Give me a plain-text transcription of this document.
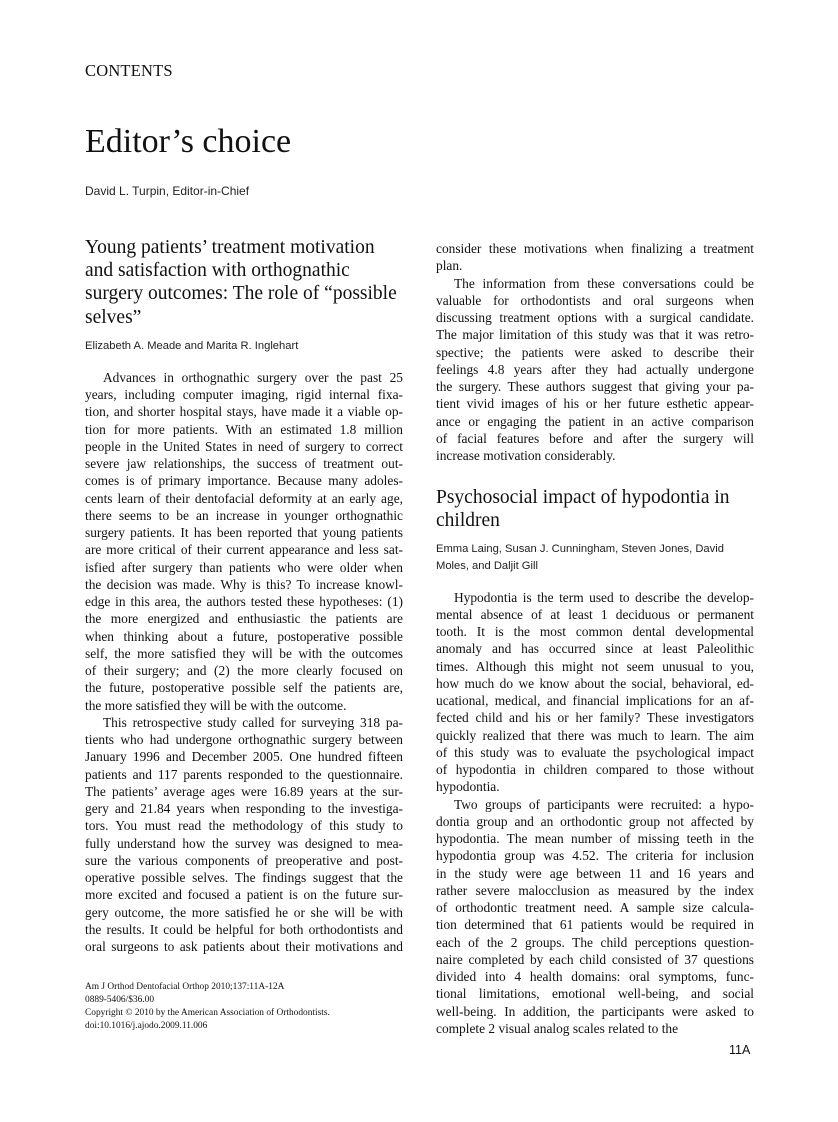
CONTENTS
Editor’s choice
David L. Turpin, Editor-in-Chief
Young patients’ treatment motivation
and satisfaction with orthognathic
surgery outcomes: The role of “possible
selves”
Elizabeth A. Meade and Marita R. Inglehart
Advances in orthognathic surgery over the past 25
years, including computer imaging, rigid internal fixa-
tion, and shorter hospital stays, have made it a viable op-
tion for more patients. With an estimated 1.8 million
people in the United States in need of surgery to correct
severe jaw relationships, the success of treatment out-
comes is of primary importance. Because many adoles-
cents learn of their dentofacial deformity at an early age,
there seems to be an increase in younger orthognathic
surgery patients. It has been reported that young patients
are more critical of their current appearance and less sat-
isfied after surgery than patients who were older when
the decision was made. Why is this? To increase knowl-
edge in this area, the authors tested these hypotheses: (1)
the more energized and enthusiastic the patients are
when thinking about a future, postoperative possible
self, the more satisfied they will be with the outcomes
of their surgery; and (2) the more clearly focused on
the future, postoperative possible self the patients are,
the more satisfied they will be with the outcome.
This retrospective study called for surveying 318 pa-
tients who had undergone orthognathic surgery between
January 1996 and December 2005. One hundred fifteen
patients and 117 parents responded to the questionnaire.
The patients’ average ages were 16.89 years at the sur-
gery and 21.84 years when responding to the investiga-
tors. You must read the methodology of this study to
fully understand how the survey was designed to mea-
sure the various components of preoperative and post-
operative possible selves. The findings suggest that the
more excited and focused a patient is on the future sur-
gery outcome, the more satisfied he or she will be with
the results. It could be helpful for both orthodontists and
oral surgeons to ask patients about their motivations and
consider these motivations when finalizing a treatment
plan.
The information from these conversations could be
valuable for orthodontists and oral surgeons when
discussing treatment options with a surgical candidate.
The major limitation of this study was that it was retro-
spective; the patients were asked to describe their
feelings 4.8 years after they had actually undergone
the surgery. These authors suggest that giving your pa-
tient vivid images of his or her future esthetic appear-
ance or engaging the patient in an active comparison
of facial features before and after the surgery will
increase motivation considerably.
Psychosocial impact of hypodontia in
children
Emma Laing, Susan J. Cunningham, Steven Jones, David
Moles, and Daljit Gill
Hypodontia is the term used to describe the develop-
mental absence of at least 1 deciduous or permanent
tooth. It is the most common dental developmental
anomaly and has occurred since at least Paleolithic
times. Although this might not seem unusual to you,
how much do we know about the social, behavioral, ed-
ucational, medical, and financial implications for an af-
fected child and his or her family? These investigators
quickly realized that there was much to learn. The aim
of this study was to evaluate the psychological impact
of hypodontia in children compared to those without
hypodontia.
Two groups of participants were recruited: a hypo-
dontia group and an orthodontic group not affected by
hypodontia. The mean number of missing teeth in the
hypodontia group was 4.52. The criteria for inclusion
in the study were age between 11 and 16 years and
rather severe malocclusion as measured by the index
of orthodontic treatment need. A sample size calcula-
tion determined that 61 patients would be required in
each of the 2 groups. The child perceptions question-
naire completed by each child consisted of 37 questions
divided into 4 health domains: oral symptoms, func-
tional limitations, emotional well-being, and social
well-being. In addition, the participants were asked to
complete 2 visual analog scales related to the
Am J Orthod Dentofacial Orthop 2010;137:11A-12A
0889-5406/$36.00
Copyright © 2010 by the American Association of Orthodontists.
doi:10.1016/j.ajodo.2009.11.006
11A
